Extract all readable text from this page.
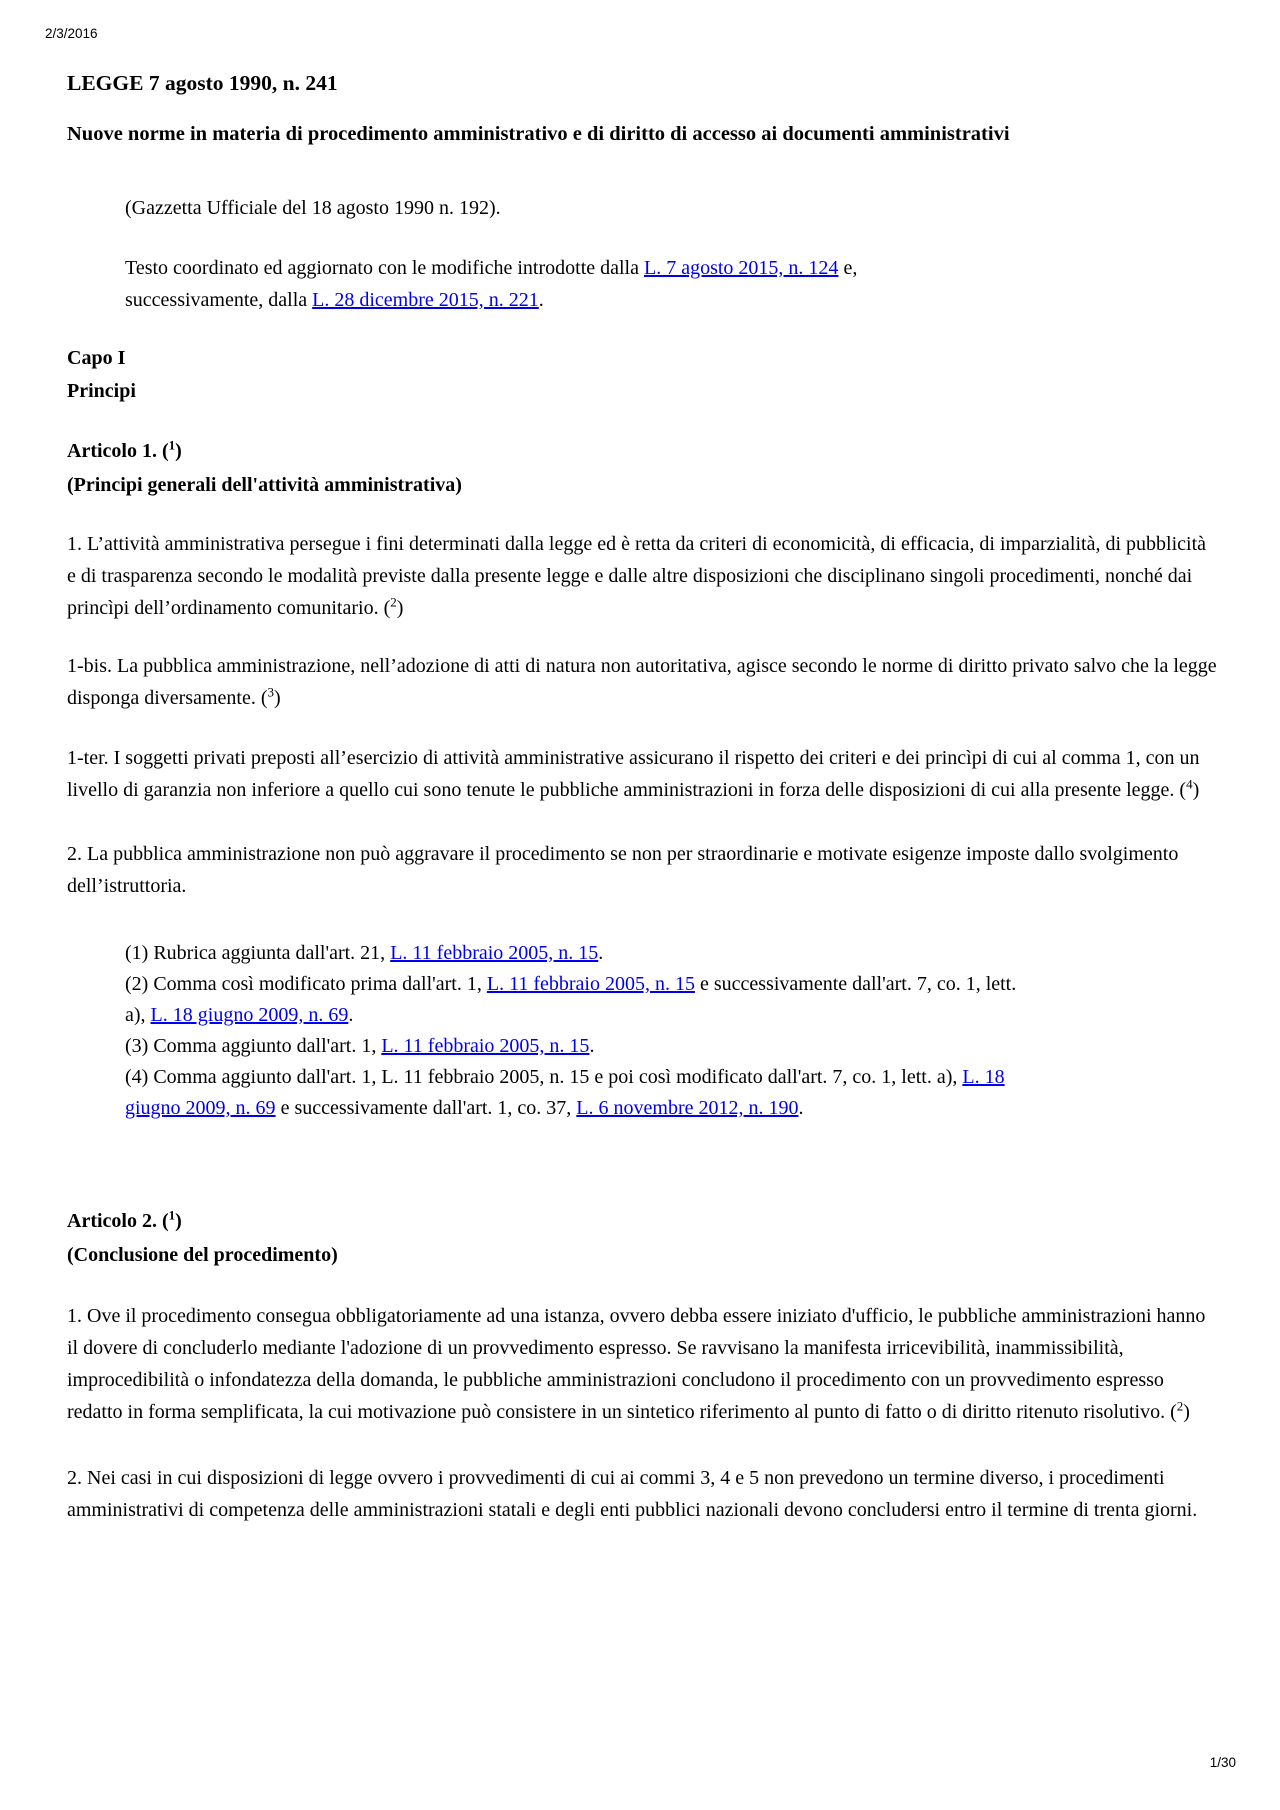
2/3/2016
LEGGE 7 agosto 1990, n. 241
Nuove norme in materia di procedimento amministrativo e di diritto di accesso ai documenti amministrativi

(Gazzetta Ufficiale del 18 agosto 1990 n. 192).

Testo coordinato ed aggiornato con le modifiche introdotte dalla L. 7 agosto 2015, n. 124 e, successivamente, dalla L. 28 dicembre 2015, n. 221.

Capo I
Principi
Articolo 1. ($^1$)
(Principi generali dell'attività amministrativa)

1. L’attività amministrativa persegue i fini determinati dalla legge ed è retta da criteri di economicità, di efficacia, di imparzialità, di pubblicità e di trasparenza secondo le modalità previste dalla presente legge e dalle altre disposizioni che disciplinano singoli procedimenti, nonché dai princìpi dell’ordinamento comunitario. ($^2$)

1-bis. La pubblica amministrazione, nell’adozione di atti di natura non autoritativa, agisce secondo le norme di diritto privato salvo che la legge disponga diversamente. ($^3$)

1-ter. I soggetti privati preposti all’esercizio di attività amministrative assicurano il rispetto dei criteri e dei princìpi di cui al comma 1, con un livello di garanzia non inferiore a quello cui sono tenute le pubbliche amministrazioni in forza delle disposizioni di cui alla presente legge. ($^4$)

2. La pubblica amministrazione non può aggravare il procedimento se non per straordinarie e motivate esigenze imposte dallo svolgimento dell’istruttoria.

(1) Rubrica aggiunta dall'art. 21, L. 11 febbraio 2005, n. 15.
(2) Comma così modificato prima dall'art. 1, L. 11 febbraio 2005, n. 15 e successivamente dall'art. 7, co. 1, lett. a), L. 18 giugno 2009, n. 69.
(3) Comma aggiunto dall'art. 1, L. 11 febbraio 2005, n. 15.
(4) Comma aggiunto dall'art. 1, L. 11 febbraio 2005, n. 15 e poi così modificato dall'art. 7, co. 1, lett. a), L. 18 giugno 2009, n. 69 e successivamente dall'art. 1, co. 37, L. 6 novembre 2012, n. 190.
Articolo 2. ($^1$)
(Conclusione del procedimento)

1. Ove il procedimento consegua obbligatoriamente ad una istanza, ovvero debba essere iniziato d'ufficio, le pubbliche amministrazioni hanno il dovere di concluderlo mediante l'adozione di un provvedimento espresso. Se ravvisano la manifesta irricevibilità, inammissibilità, improcedibilità o infondatezza della domanda, le pubbliche amministrazioni concludono il procedimento con un provvedimento espresso redatto in forma semplificata, la cui motivazione può consistere in un sintetico riferimento al punto di fatto o di diritto ritenuto risolutivo. ($^2$)

2. Nei casi in cui disposizioni di legge ovvero i provvedimenti di cui ai commi 3, 4 e 5 non prevedono un termine diverso, i procedimenti amministrativi di competenza delle amministrazioni statali e degli enti pubblici nazionali devono concludersi entro il termine di trenta giorni.

1/30
